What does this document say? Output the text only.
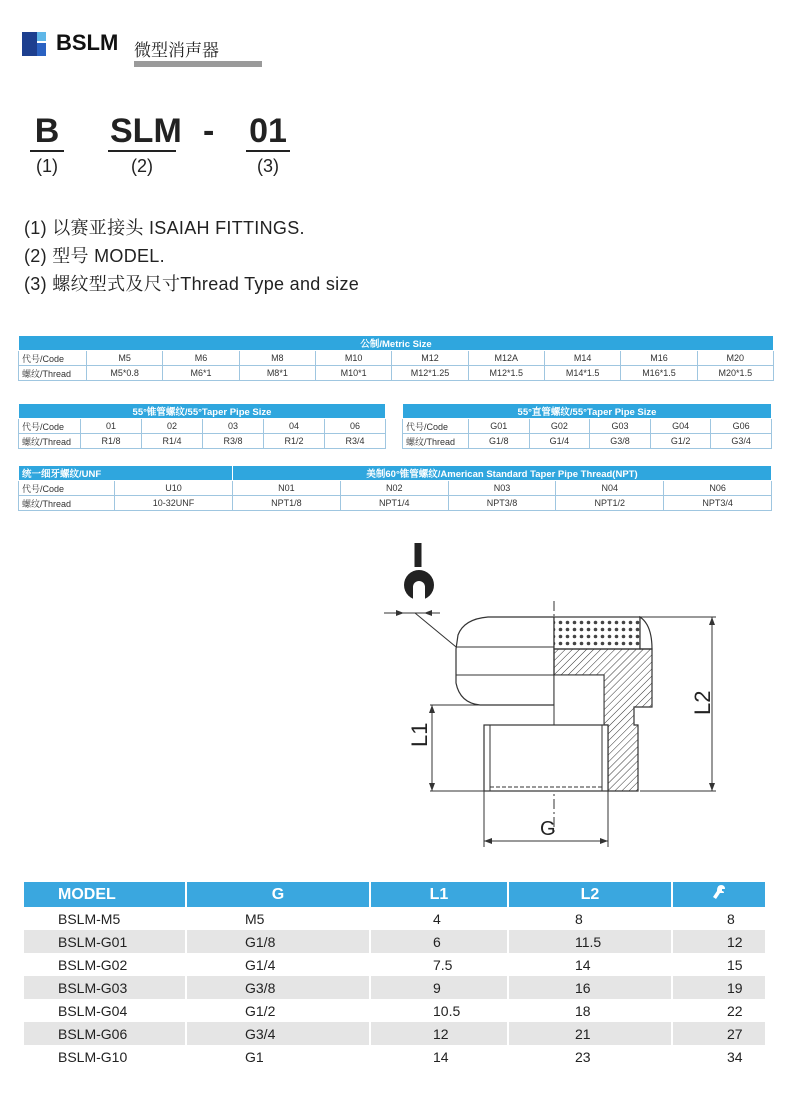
BSLM 微型消声器
B
(1)
SLM
(2)
- 01
(3)
(1) 以赛亚接头 ISAIAH FITTINGS.
(2) 型号 MODEL.
(3) 螺纹型式及尺寸Thread Type and size
公制/Metric Size									
代号/Code	M5	M6	M8	M10	M12	M12A	M14	M16	M20
螺纹/Thread	M5*0.8	M6*1	M8*1	M10*1	M12*1.25	M12*1.5	M14*1.5	M16*1.5	M20*1.5
55°锥管螺纹/55°Taper Pipe Size					
代号/Code	01	02	03	04	06
螺纹/Thread	R1/8	R1/4	R3/8	R1/2	R3/4
55°直管螺纹/55°Taper Pipe Size					
代号/Code	G01	G02	G03	G04	G06
螺纹/Thread	G1/8	G1/4	G3/8	G1/2	G3/4
统一细牙螺纹/UNF		美制60°锥管螺纹/American Standard Taper Pipe Thread(NPT)				
代号/Code	U10	N01	N02	N03	N04	N06
螺纹/Thread	10-32UNF	NPT1/8	NPT1/4	NPT3/8	NPT1/2	NPT3/4
L1
L2
G
MODEL	G	L1	L2	
BSLM-M5	M5	4	8	8
BSLM-G01	G1/8	6	11.5	12
BSLM-G02	G1/4	7.5	14	15
BSLM-G03	G3/8	9	16	19
BSLM-G04	G1/2	10.5	18	22
BSLM-G06	G3/4	12	21	27
BSLM-G10	G1	14	23	34
